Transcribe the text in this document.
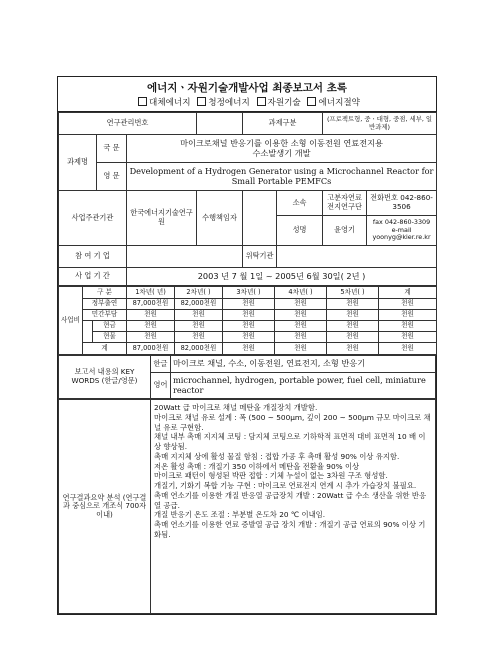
에너지ㆍ자원기술개발사업 최종보고서 초록
대체에너지 청정에너지 자원기술 에너지절약
연구관리번호				과제구분		(프로젝트형, 중ㆍ대형, 중점, 세부, 일반과제)	
과제명	국 문	마이크로채널 반응기를 이용한 소형 이동전원 연료전지용
수소발생기 개발					

	영 문	Development of a Hydrogen Generator using a Microchannel Reactor for Small Portable PEMFCs					
사업주관기관		한국에너지기술연구원	수행책임자		소속	고분자연료전지연구단	전화번호 042-860-3506
					성명	윤영기	fax 042-860-3309
e-mail yoonyg@kier.re.kr

참 여 기 업				위탁기관			
사 업 기 간		2003 년 7 월 1일 ~ 2005년 6월 30일( 2년 )					
사업비	구 분		1차년( 년)	2차년( )	3차년( )	4차년( )	5차년( )	계
	정부출연		87,000천원	82,000천원	천원	천원	천원	천원
	민간부담		천원	천원	천원	천원	천원	천원
		현금	천원	천원	천원	천원	천원	천원
		현물	천원	천원	천원	천원	천원	천원
	계		87,000천원	82,000천원	천원	천원	천원	천원
보고서 내용의 KEY WORDS (한글/영문)	한글	마이크로 채널, 수소, 이동전원, 연료전지, 소형 반응기
	영어	microchannel, hydrogen, portable power, fuel cell, miniature reactor
연구결과요약 분석 (연구결과 중심으로 개조식 700자이내)	
20Watt 급 마이크로 채널 메탄올 개질장치 개발함.
마이크로 채널 유로 설계 : 폭 (500 ~ 500μm, 깊이 200 ~ 500μm 규모 마이크로 채널 유로 구현함.
채널 내부 촉매 지지체 코팅 : 담지체 코팅으로 기하학적 표면적 대비 표면적 10 배 이상 향상됨.
촉매 지지체 상에 활성 물질 함침 : 접합 가공 후 촉매 활성 90% 이상 유지함.
저온 활성 촉매 : 개질기 350 이하에서 메탄올 전환율 90% 이상
마이크로 패턴이 형성된 박판 접합 : 기체 누설이 없는 3차원 구조 형성함.
개질기, 기화기 복합 기능 구현 : 마이크로 연료전지 연계 시 추가 가습장치 불필요.
촉매 연소기를 이용한 개질 반응열 공급장치 개발 : 20Watt 급 수소 생산을 위한 반응열 공급.
개질 반응기 온도 조절 : 부분별 온도차 20 ℃ 이내임.
촉매 연소기를 이용한 연료 증발열 공급 장치 개발 : 개질기 공급 연료의 90% 이상 기화됨.
